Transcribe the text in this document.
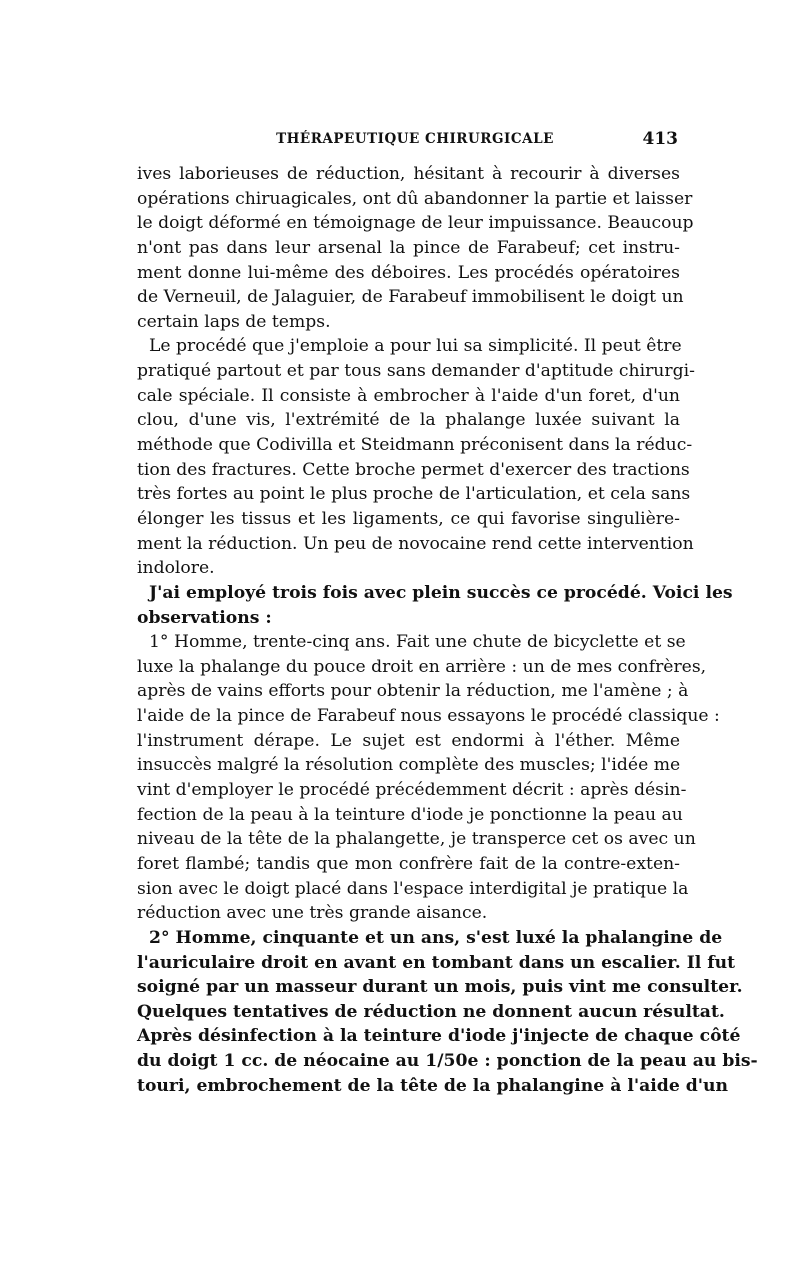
THÉRAPEUTIQUE CHIRURGICALE	413
ives laborieuses de réduction, hésitant à recourir à diverses
opérations chiruagicales, ont dû abandonner la partie et laisser
le doigt déformé en témoignage de leur impuissance. Beaucoup
n'ont pas dans leur arsenal la pince de Farabeuf; cet instru-
ment donne lui-même des déboires. Les procédés opératoires
de Verneuil, de Jalaguier, de Farabeuf immobilisent le doigt un
certain laps de temps.
Le procédé que j'emploie a pour lui sa simplicité. Il peut être
pratiqué partout et par tous sans demander d'aptitude chirurgi-
cale spéciale. Il consiste à embrocher à l'aide d'un foret, d'un
clou, d'une vis, l'extrémité de la phalange luxée suivant la
méthode que Codivilla et Steidmann préconisent dans la réduc-
tion des fractures. Cette broche permet d'exercer des tractions
très fortes au point le plus proche de l'articulation, et cela sans
élonger les tissus et les ligaments, ce qui favorise singulière-
ment la réduction. Un peu de novocaine rend cette intervention
indolore.
J'ai employé trois fois avec plein succès ce procédé. Voici les
observations :
1° Homme, trente-cinq ans. Fait une chute de bicyclette et se
luxe la phalange du pouce droit en arrière : un de mes confrères,
après de vains efforts pour obtenir la réduction, me l'amène ; à
l'aide de la pince de Farabeuf nous essayons le procédé classique :
l'instrument dérape. Le sujet est endormi à l'éther. Même
insuccès malgré la résolution complète des muscles; l'idée me
vint d'employer le procédé précédemment décrit : après désin-
fection de la peau à la teinture d'iode je ponctionne la peau au
niveau de la tête de la phalangette, je transperce cet os avec un
foret flambé; tandis que mon confrère fait de la contre-exten-
sion avec le doigt placé dans l'espace interdigital je pratique la
réduction avec une très grande aisance.
2° Homme, cinquante et un ans, s'est luxé la phalangine de
l'auriculaire droit en avant en tombant dans un escalier. Il fut
soigné par un masseur durant un mois, puis vint me consulter.
Quelques tentatives de réduction ne donnent aucun résultat.
Après désinfection à la teinture d'iode j'injecte de chaque côté
du doigt 1 cc. de néocaine au 1/50e : ponction de la peau au bis-
touri, embrochement de la tête de la phalangine à l'aide d'un
